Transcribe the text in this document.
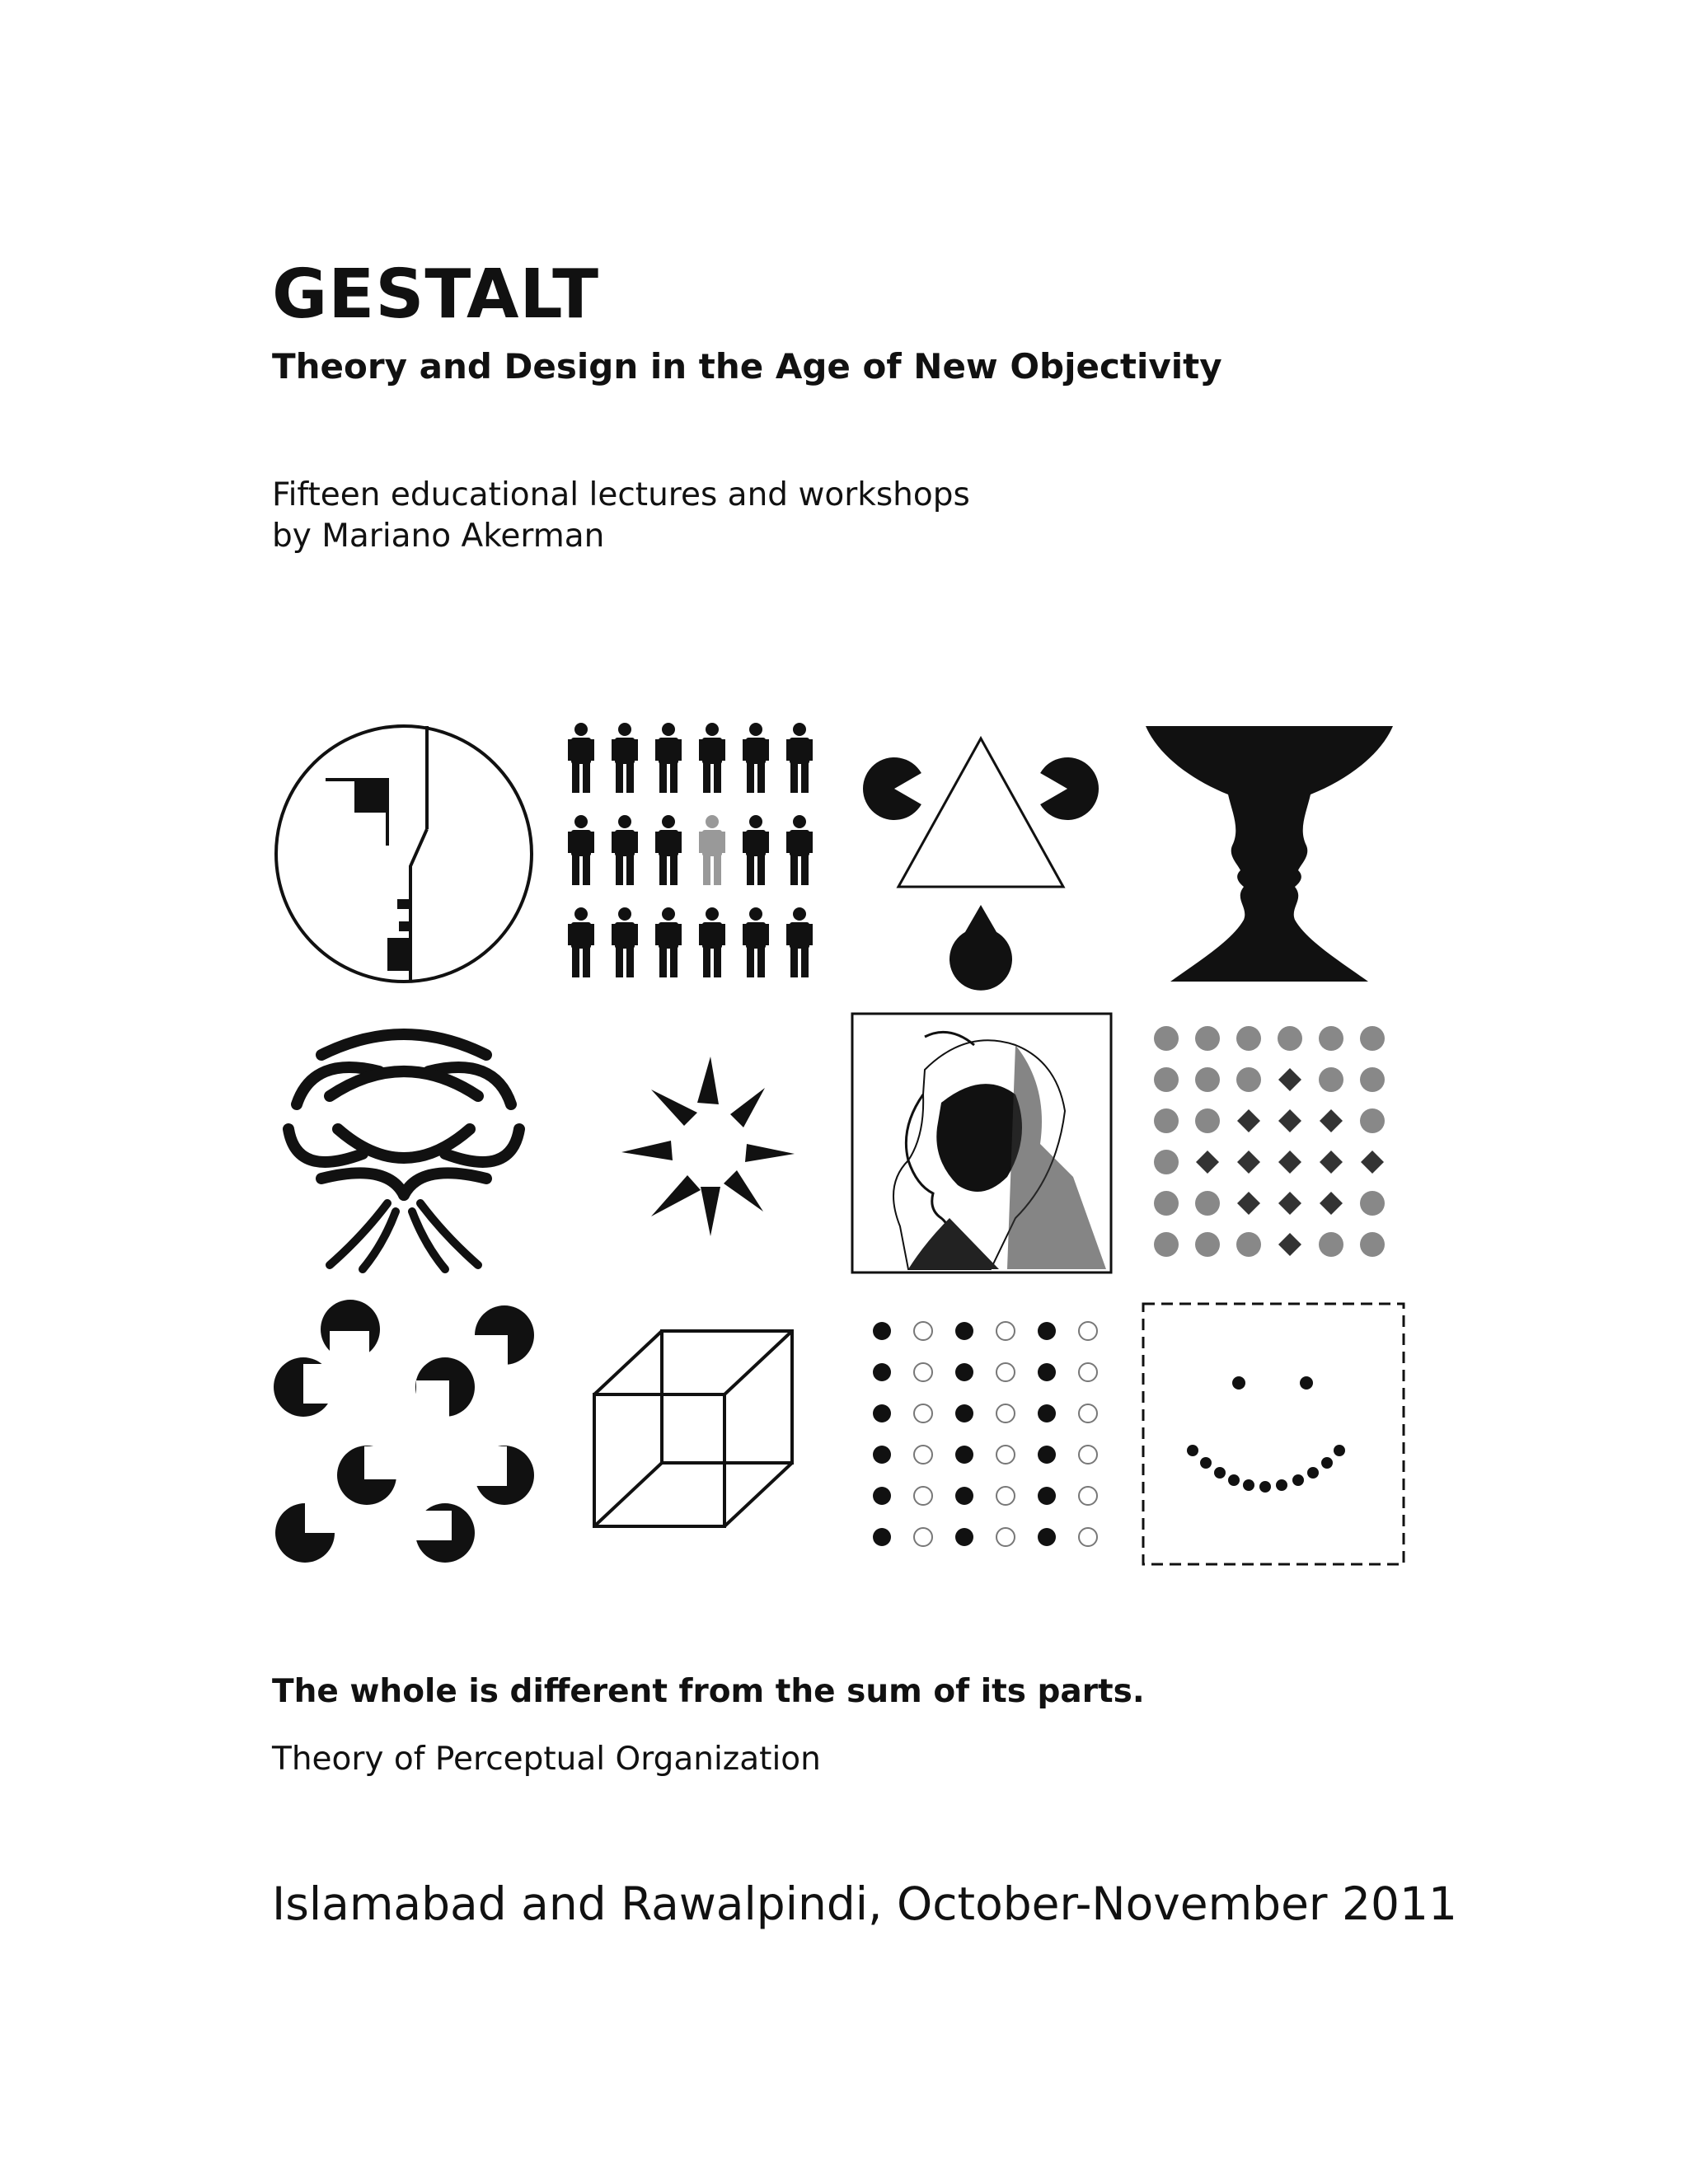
GESTALT
Theory and Design in the Age of New Objectivity
Fifteen educational lectures and workshops
by Mariano Akerman
The whole is different from the sum of its parts.
Theory of Perceptual Organization
Islamabad and Rawalpindi, October-November 2011
